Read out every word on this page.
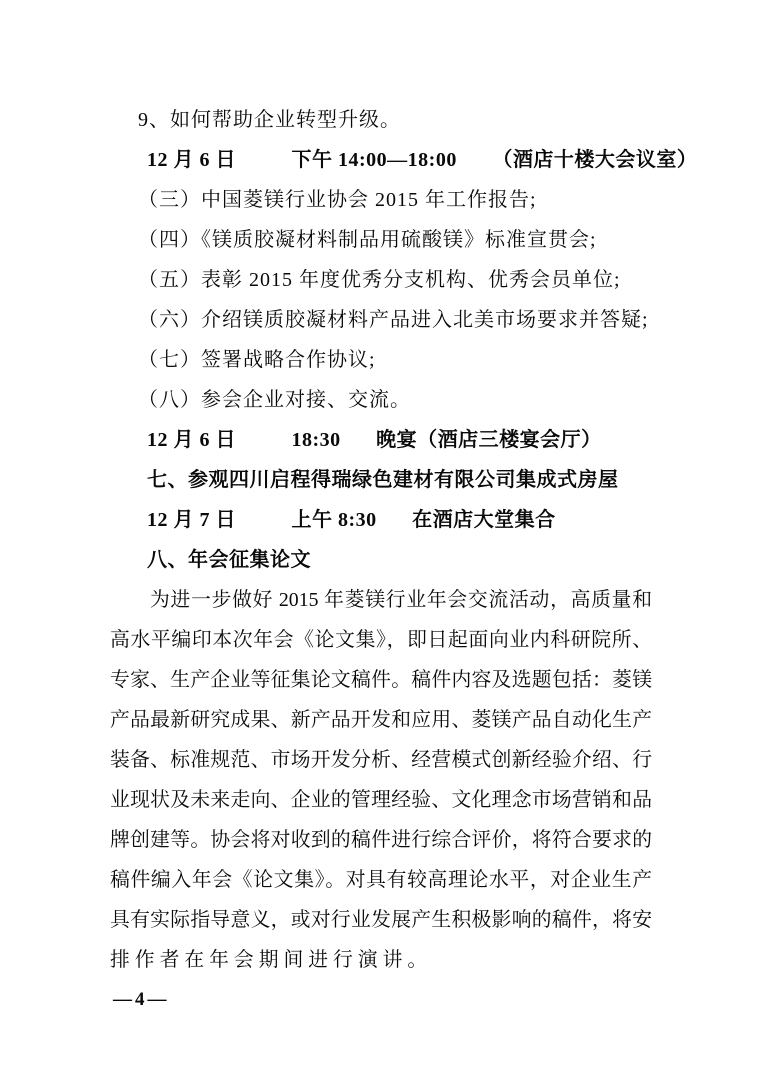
9、如何帮助企业转型升级。
12 月 6 日	下午 14:00—18:00 （酒店十楼大会议室）
（三）中国菱镁行业协会 2015 年工作报告;
（四）《镁质胶凝材料制品用硫酸镁》标准宣贯会;
（五）表彰 2015 年度优秀分支机构、优秀会员单位;
（六）介绍镁质胶凝材料产品进入北美市场要求并答疑;
（七）签署战略合作协议;
（八）参会企业对接、交流。
12 月 6 日	18:30 晚宴（酒店三楼宴会厅）
七、参观四川启程得瑞绿色建材有限公司集成式房屋
12 月 7 日	上午 8:30 在酒店大堂集合
八、年会征集论文
为进一步做好 2015 年菱镁行业年会交流活动，高质量和
高水平编印本次年会《论文集》，即日起面向业内科研院所、
专家、生产企业等征集论文稿件。稿件内容及选题包括：菱镁
产品最新研究成果、新产品开发和应用、菱镁产品自动化生产
装备、标准规范、市场开发分析、经营模式创新经验介绍、行
业现状及未来走向、企业的管理经验、文化理念市场营销和品
牌创建等。协会将对收到的稿件进行综合评价，将符合要求的
稿件编入年会《论文集》。对具有较高理论水平，对企业生产
具有实际指导意义，或对行业发展产生积极影响的稿件，将安
排作者在年会期间进行演讲。
—4—
